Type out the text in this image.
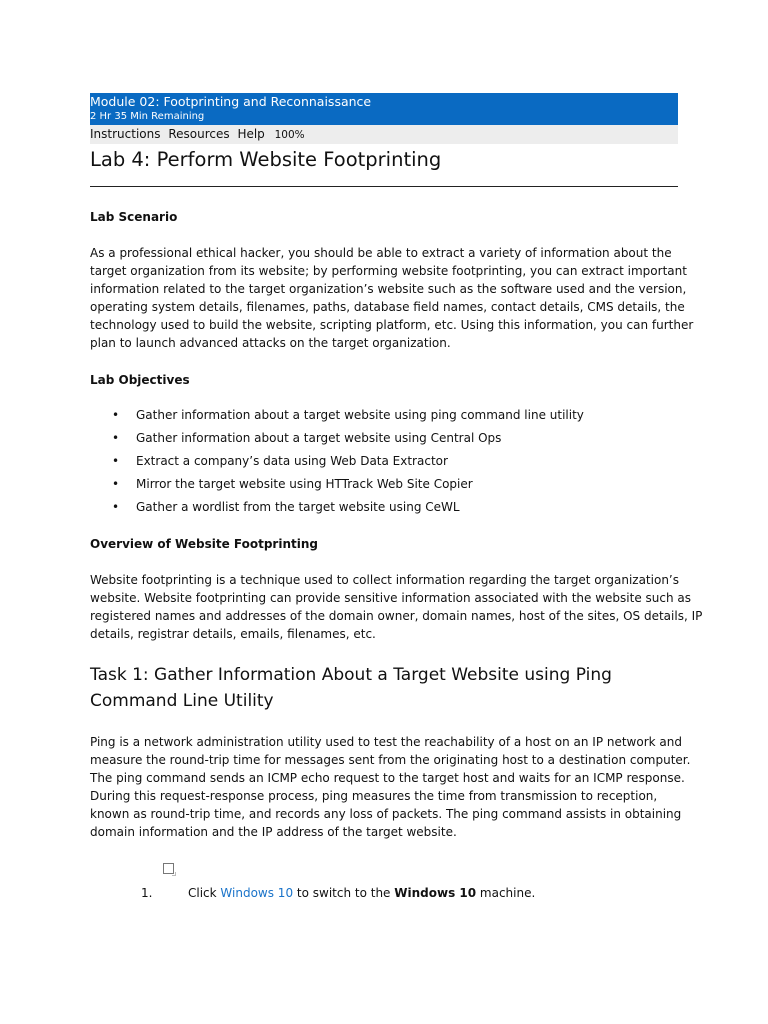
Module 02: Footprinting and Reconnaissance
2 Hr 35 Min Remaining
Instructions Resources Help 100%
Lab 4: Perform Website Footprinting
Lab Scenario

As a professional ethical hacker, you should be able to extract a variety of information about the
target organization from its website; by performing website footprinting, you can extract important
information related to the target organization’s website such as the software used and the version,
operating system details, filenames, paths, database field names, contact details, CMS details, the
technology used to build the website, scripting platform, etc. Using this information, you can further
plan to launch advanced attacks on the target organization.

Lab Objectives
• Gather information about a target website using ping command line utility
• Gather information about a target website using Central Ops
• Extract a company’s data using Web Data Extractor
• Mirror the target website using HTTrack Web Site Copier
• Gather a wordlist from the target website using CeWL
Overview of Website Footprinting

Website footprinting is a technique used to collect information regarding the target organization’s
website. Website footprinting can provide sensitive information associated with the website such as
registered names and addresses of the domain owner, domain names, host of the sites, OS details, IP
details, registrar details, emails, filenames, etc.

Task 1: Gather Information About a Target Website using Ping
Command Line Utility

Ping is a network administration utility used to test the reachability of a host on an IP network and
measure the round-trip time for messages sent from the originating host to a destination computer.
The ping command sends an ICMP echo request to the target host and waits for an ICMP response.
During this request-response process, ping measures the time from transmission to reception,
known as round-trip time, and records any loss of packets. The ping command assists in obtaining
domain information and the IP address of the target website.

1.	Click Windows 10 to switch to the Windows 10 machine.
